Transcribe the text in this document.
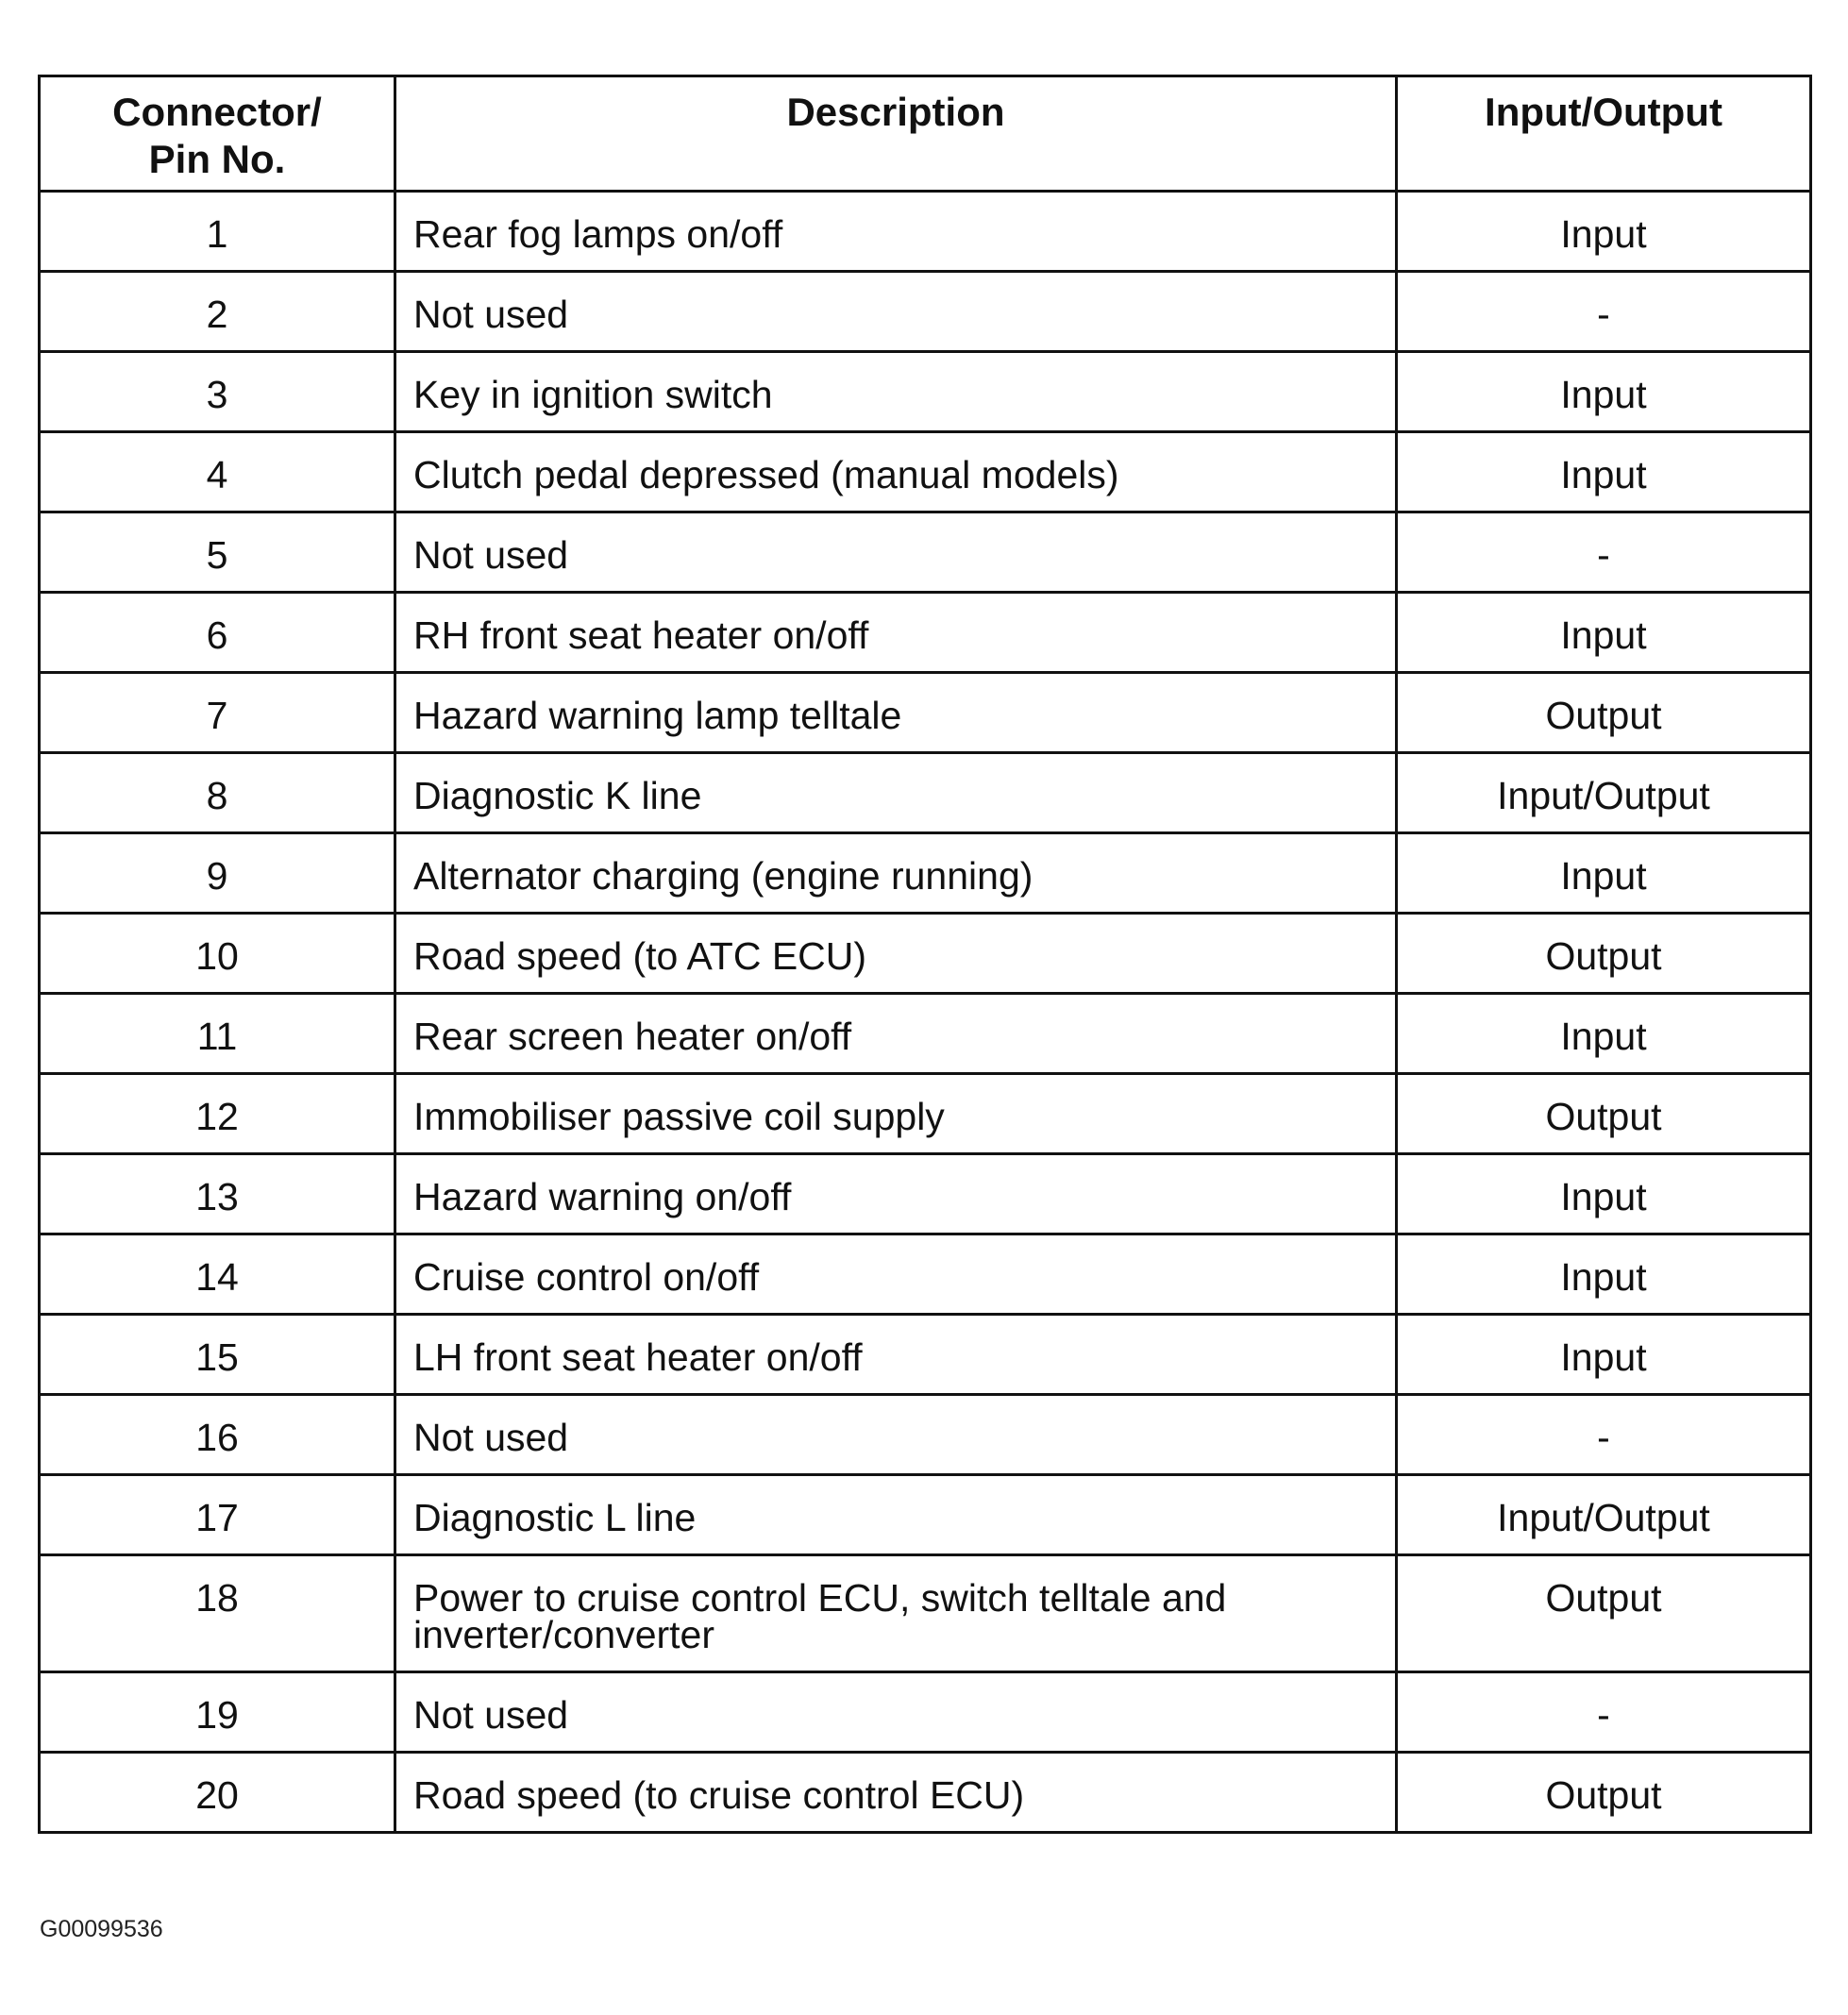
Connector/
Pin No.	Description	Input/Output
1	Rear fog lamps on/off	Input
2	Not used	-
3	Key in ignition switch	Input
4	Clutch pedal depressed (manual models)	Input
5	Not used	-
6	RH front seat heater on/off	Input
7	Hazard warning lamp telltale	Output
8	Diagnostic K line	Input/Output
9	Alternator charging (engine running)	Input
10	Road speed (to ATC ECU)	Output
11	Rear screen heater on/off	Input
12	Immobiliser passive coil supply	Output
13	Hazard warning on/off	Input
14	Cruise control on/off	Input
15	LH front seat heater on/off	Input
16	Not used	-
17	Diagnostic L line	Input/Output
18	Power to cruise control ECU, switch telltale and
inverter/converter	Output
19	Not used	-
20	Road speed (to cruise control ECU)	Output
G00099536
